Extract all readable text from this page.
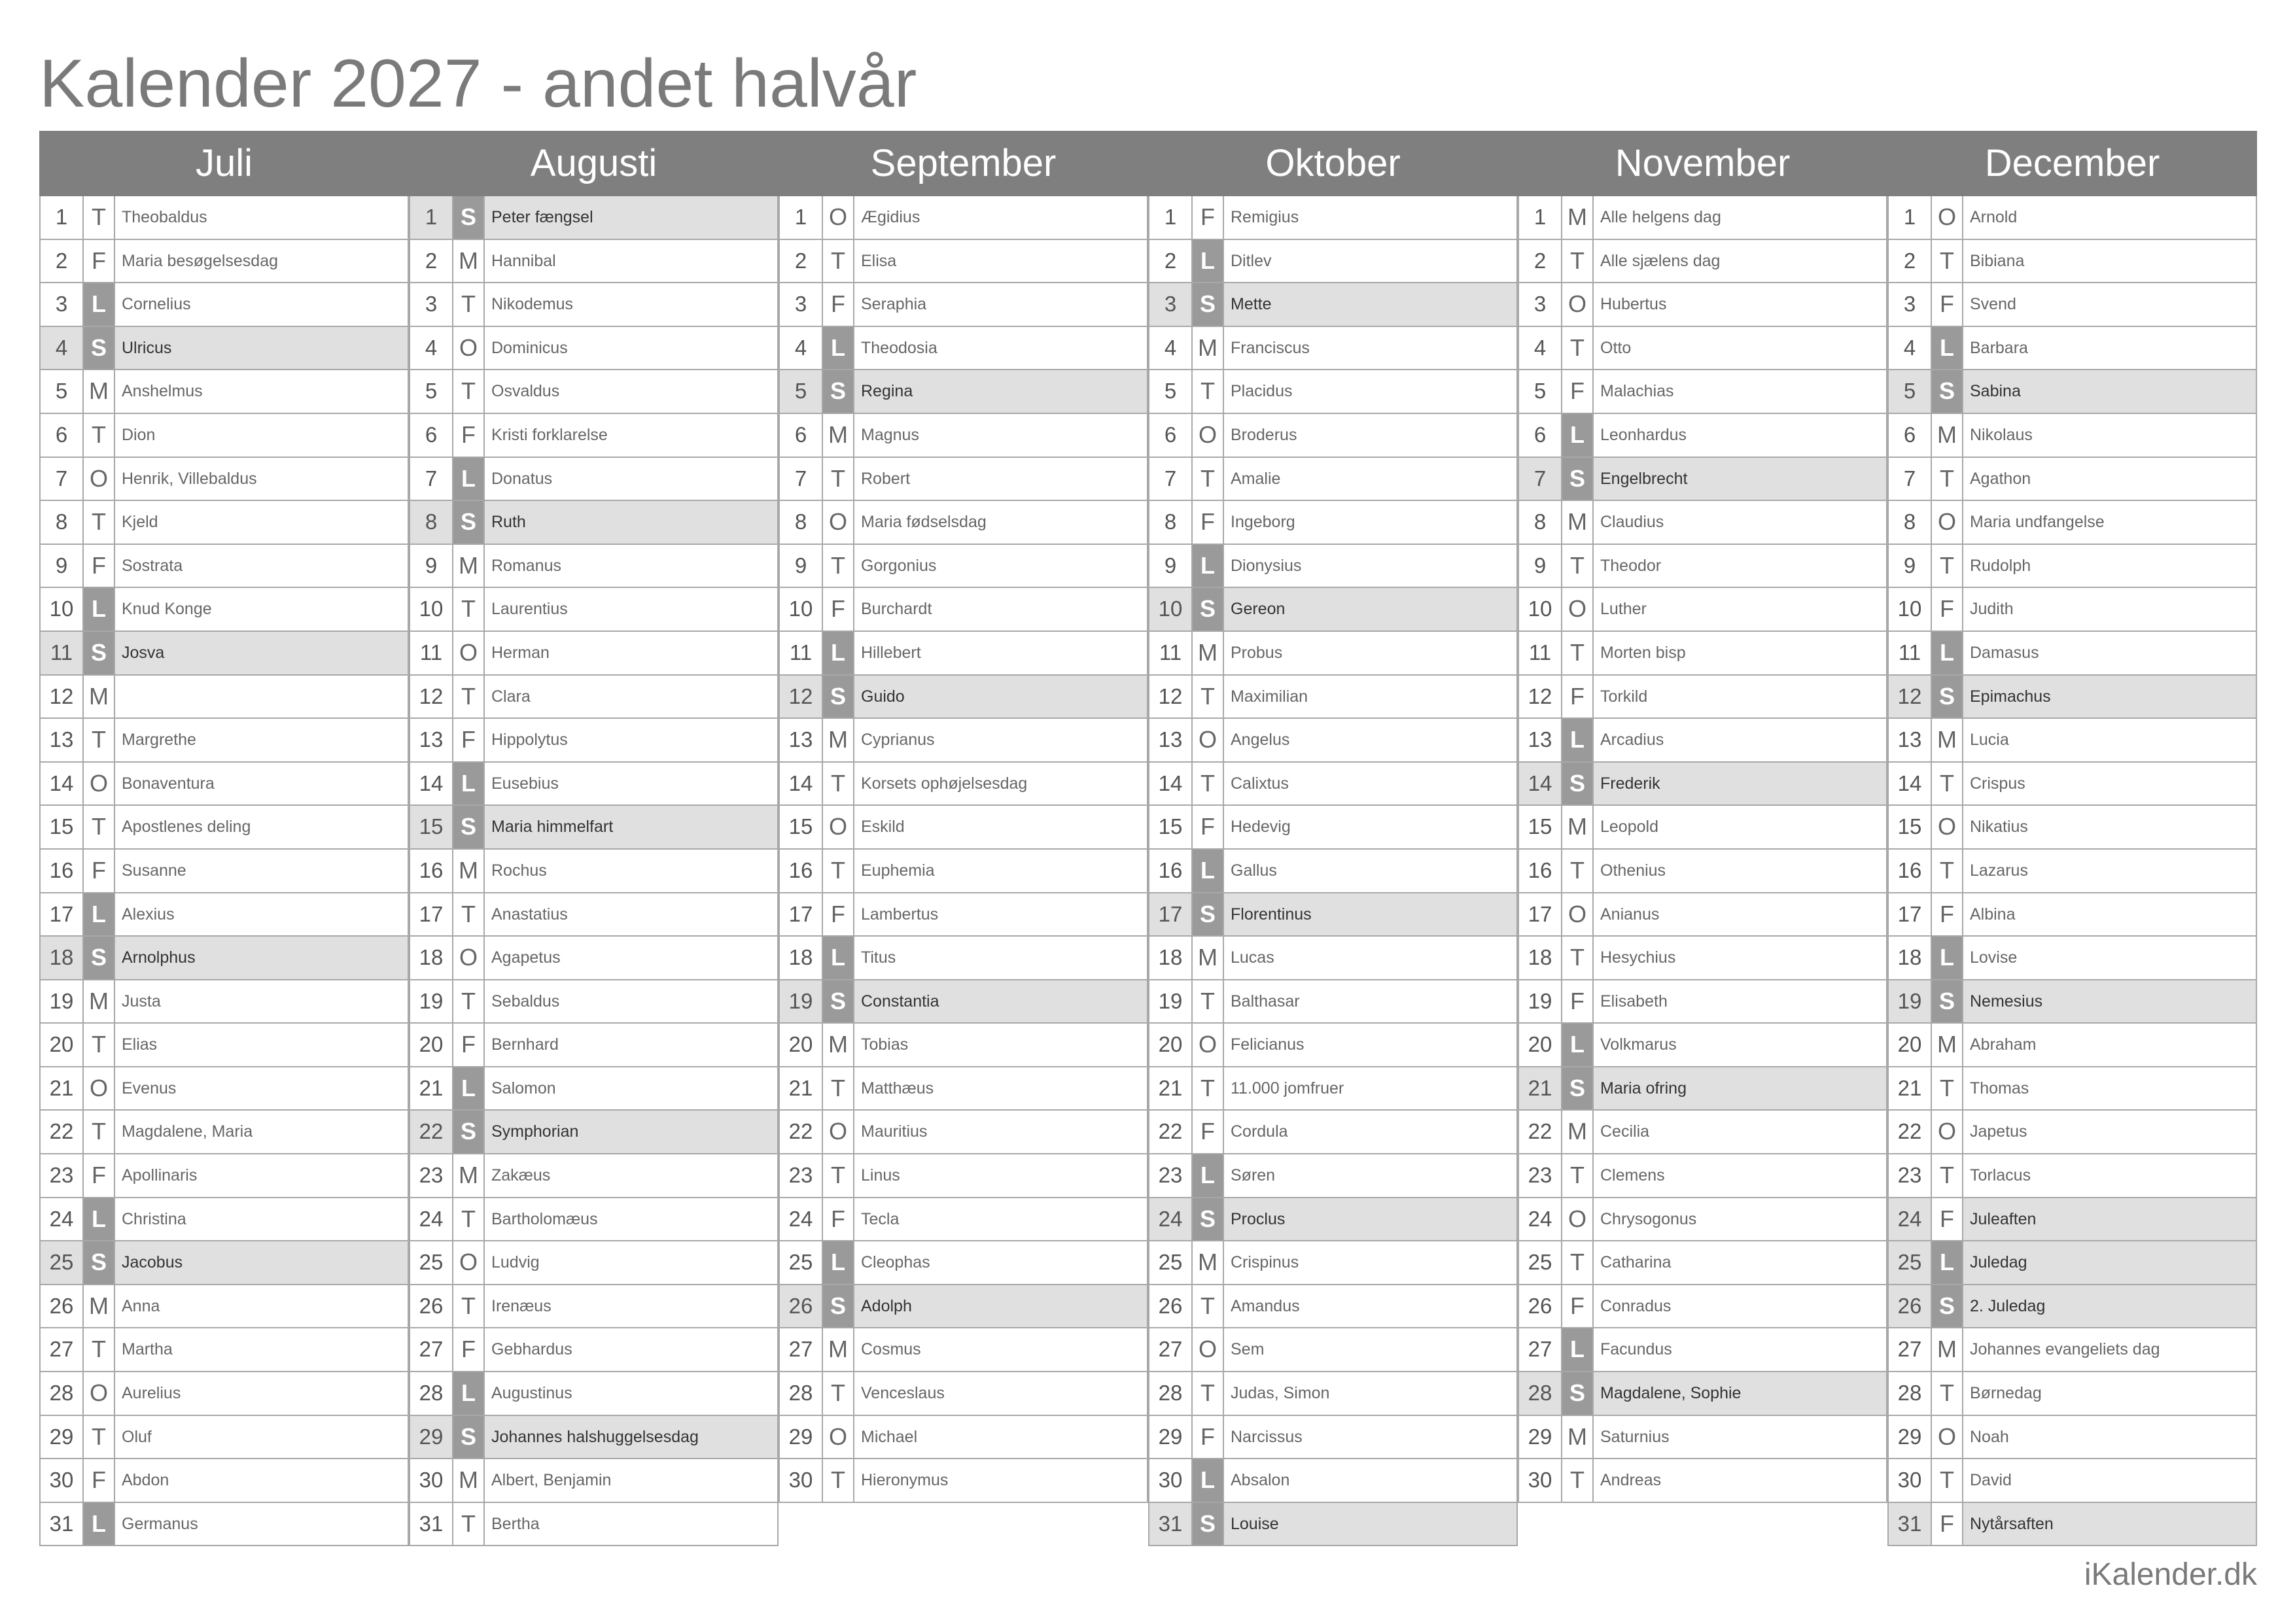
Kalender 2027 - andet halvår
Juli
1	T Theobaldus
2	F Maria besøgelsesdag
3	L Cornelius
4 S Ulricus
5 M Anshelmus
6	T Dion
7 O Henrik, Villebaldus
8	T Kjeld
9	F Sostrata
10 L Knud Konge
11 S Josva
12 M
13 T Margrethe
14 O Bonaventura
15 T Apostlenes deling
16 F Susanne
17 L Alexius
18 S Arnolphus
19 M Justa
20 T Elias
21 O Evenus
22 T Magdalene, Maria
23 F Apollinaris
24 L Christina
25 S Jacobus
26 M Anna
27 T Martha
28 O Aurelius
29 T Oluf
30 F Abdon
31 L Germanus
Augusti
1 S Peter fængsel
2 M Hannibal
3	T Nikodemus
4 O Dominicus
5	T Osvaldus
6	F Kristi forklarelse
7	L Donatus
8 S Ruth
9 M Romanus
10 T Laurentius
11 O Herman
12 T Clara
13 F Hippolytus
14 L Eusebius
15 S Maria himmelfart
16 M Rochus
17 T Anastatius
18 O Agapetus
19 T Sebaldus
20 F Bernhard
21 L Salomon
22 S Symphorian
23 M Zakæus
24 T Bartholomæus
25 O Ludvig
26 T Irenæus
27 F Gebhardus
28 L Augustinus
29 S Johannes halshuggelsesdag
30 M Albert, Benjamin
31 T Bertha
September
1 O Ægidius
2	T Elisa
3	F Seraphia
4	L Theodosia
5 S Regina
6 M Magnus
7	T Robert
8 O Maria fødselsdag
9	T Gorgonius
10 F Burchardt
11 L Hillebert
12 S Guido
13 M Cyprianus
14 T Korsets ophøjelsesdag
15 O Eskild
16 T Euphemia
17 F Lambertus
18 L Titus
19 S Constantia
20 M Tobias
21 T Matthæus
22 O Mauritius
23 T Linus
24 F Tecla
25 L Cleophas
26 S Adolph
27 M Cosmus
28 T Venceslaus
29 O Michael
30 T Hieronymus
Oktober
1	F Remigius
2	L Ditlev
3 S Mette
4 M Franciscus
5	T Placidus
6 O Broderus
7	T Amalie
8	F Ingeborg
9	L Dionysius
10 S Gereon
11 M Probus
12 T Maximilian
13 O Angelus
14 T Calixtus
15 F Hedevig
16 L Gallus
17 S Florentinus
18 M Lucas
19 T Balthasar
20 O Felicianus
21 T 11.000 jomfruer
22 F Cordula
23 L Søren
24 S Proclus
25 M Crispinus
26 T Amandus
27 O Sem
28 T Judas, Simon
29 F Narcissus
30 L Absalon
31 S Louise
November
1 M Alle helgens dag
2	T Alle sjælens dag
3 O Hubertus
4	T Otto
5	F Malachias
6	L Leonhardus
7 S Engelbrecht
8 M Claudius
9	T Theodor
10 O Luther
11 T Morten bisp
12 F Torkild
13 L Arcadius
14 S Frederik
15 M Leopold
16 T Othenius
17 O Anianus
18 T Hesychius
19 F Elisabeth
20 L Volkmarus
21 S Maria ofring
22 M Cecilia
23 T Clemens
24 O Chrysogonus
25 T Catharina
26 F Conradus
27 L Facundus
28 S Magdalene, Sophie
29 M Saturnius
30 T Andreas
December
1 O Arnold
2	T Bibiana
3	F Svend
4	L Barbara
5 S Sabina
6 M Nikolaus
7	T Agathon
8 O Maria undfangelse
9	T Rudolph
10 F Judith
11 L Damasus
12 S Epimachus
13 M Lucia
14 T Crispus
15 O Nikatius
16 T Lazarus
17 F Albina
18 L Lovise
19 S Nemesius
20 M Abraham
21 T Thomas
22 O Japetus
23 T Torlacus
24 F Juleaften
25 L Juledag
26 S 2. Juledag
27 M Johannes evangeliets dag
28 T Børnedag
29 O Noah
30 T David
31 F Nytårsaften
iKalender.dk
